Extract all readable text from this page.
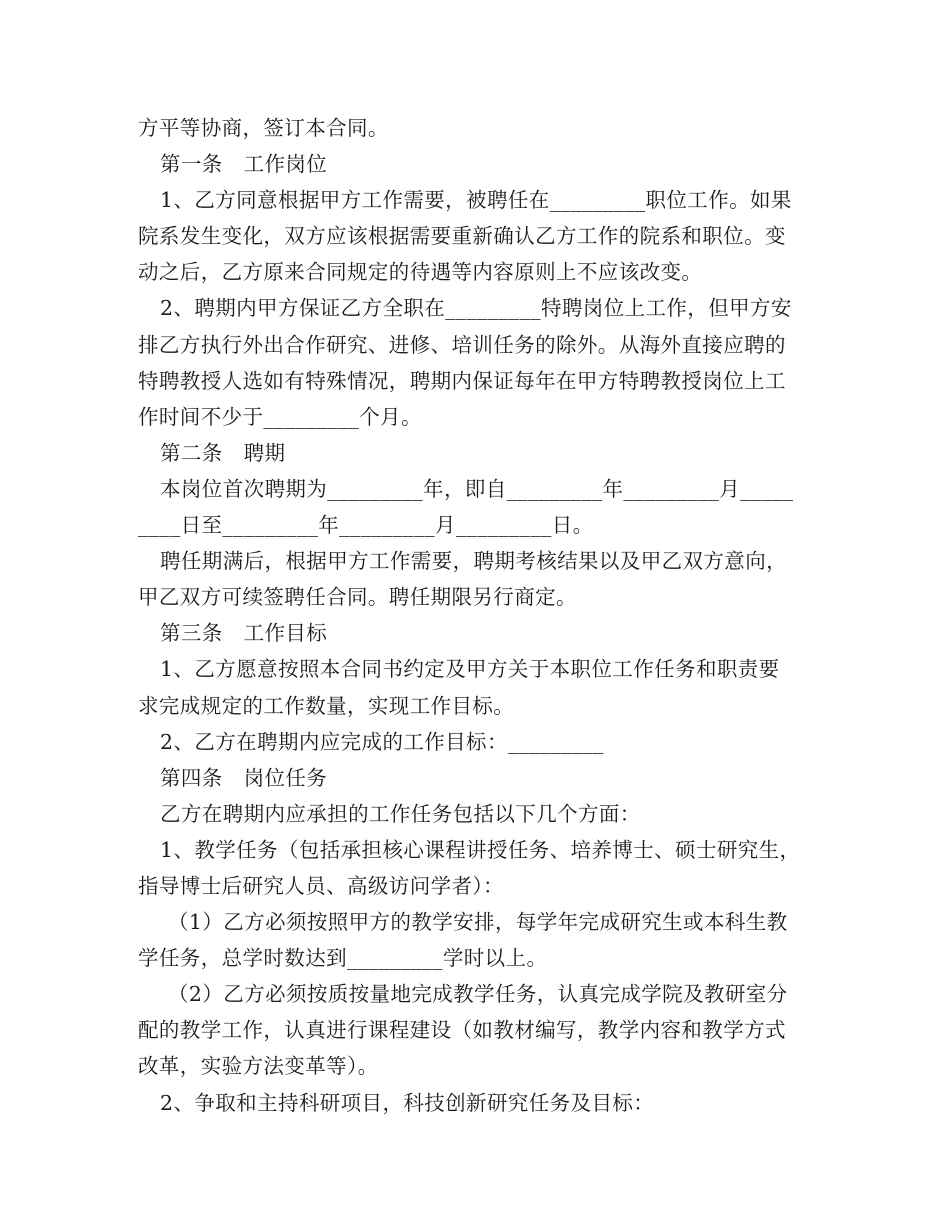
方平等协商，签订本合同。
第一条　工作岗位
1、乙方同意根据甲方工作需要，被聘任在_________职位工作。如果
院系发生变化，双方应该根据需要重新确认乙方工作的院系和职位。变
动之后，乙方原来合同规定的待遇等内容原则上不应该改变。
2、聘期内甲方保证乙方全职在_________特聘岗位上工作，但甲方安
排乙方执行外出合作研究、进修、培训任务的除外。从海外直接应聘的
特聘教授人选如有特殊情况，聘期内保证每年在甲方特聘教授岗位上工
作时间不少于_________个月。
第二条　聘期
本岗位首次聘期为_________年，即自_________年_________月_____
____日至_________年_________月_________日。
聘任期满后，根据甲方工作需要，聘期考核结果以及甲乙双方意向，
甲乙双方可续签聘任合同。聘任期限另行商定。
第三条　工作目标
1、乙方愿意按照本合同书约定及甲方关于本职位工作任务和职责要
求完成规定的工作数量，实现工作目标。
2、乙方在聘期内应完成的工作目标：_________
第四条　岗位任务
乙方在聘期内应承担的工作任务包括以下几个方面：
1、教学任务（包括承担核心课程讲授任务、培养博士、硕士研究生，
指导博士后研究人员、高级访问学者）：
（1）乙方必须按照甲方的教学安排，每学年完成研究生或本科生教
学任务，总学时数达到_________学时以上。
（2）乙方必须按质按量地完成教学任务，认真完成学院及教研室分
配的教学工作，认真进行课程建设（如教材编写，教学内容和教学方式
改革，实验方法变革等）。
2、争取和主持科研项目，科技创新研究任务及目标：
